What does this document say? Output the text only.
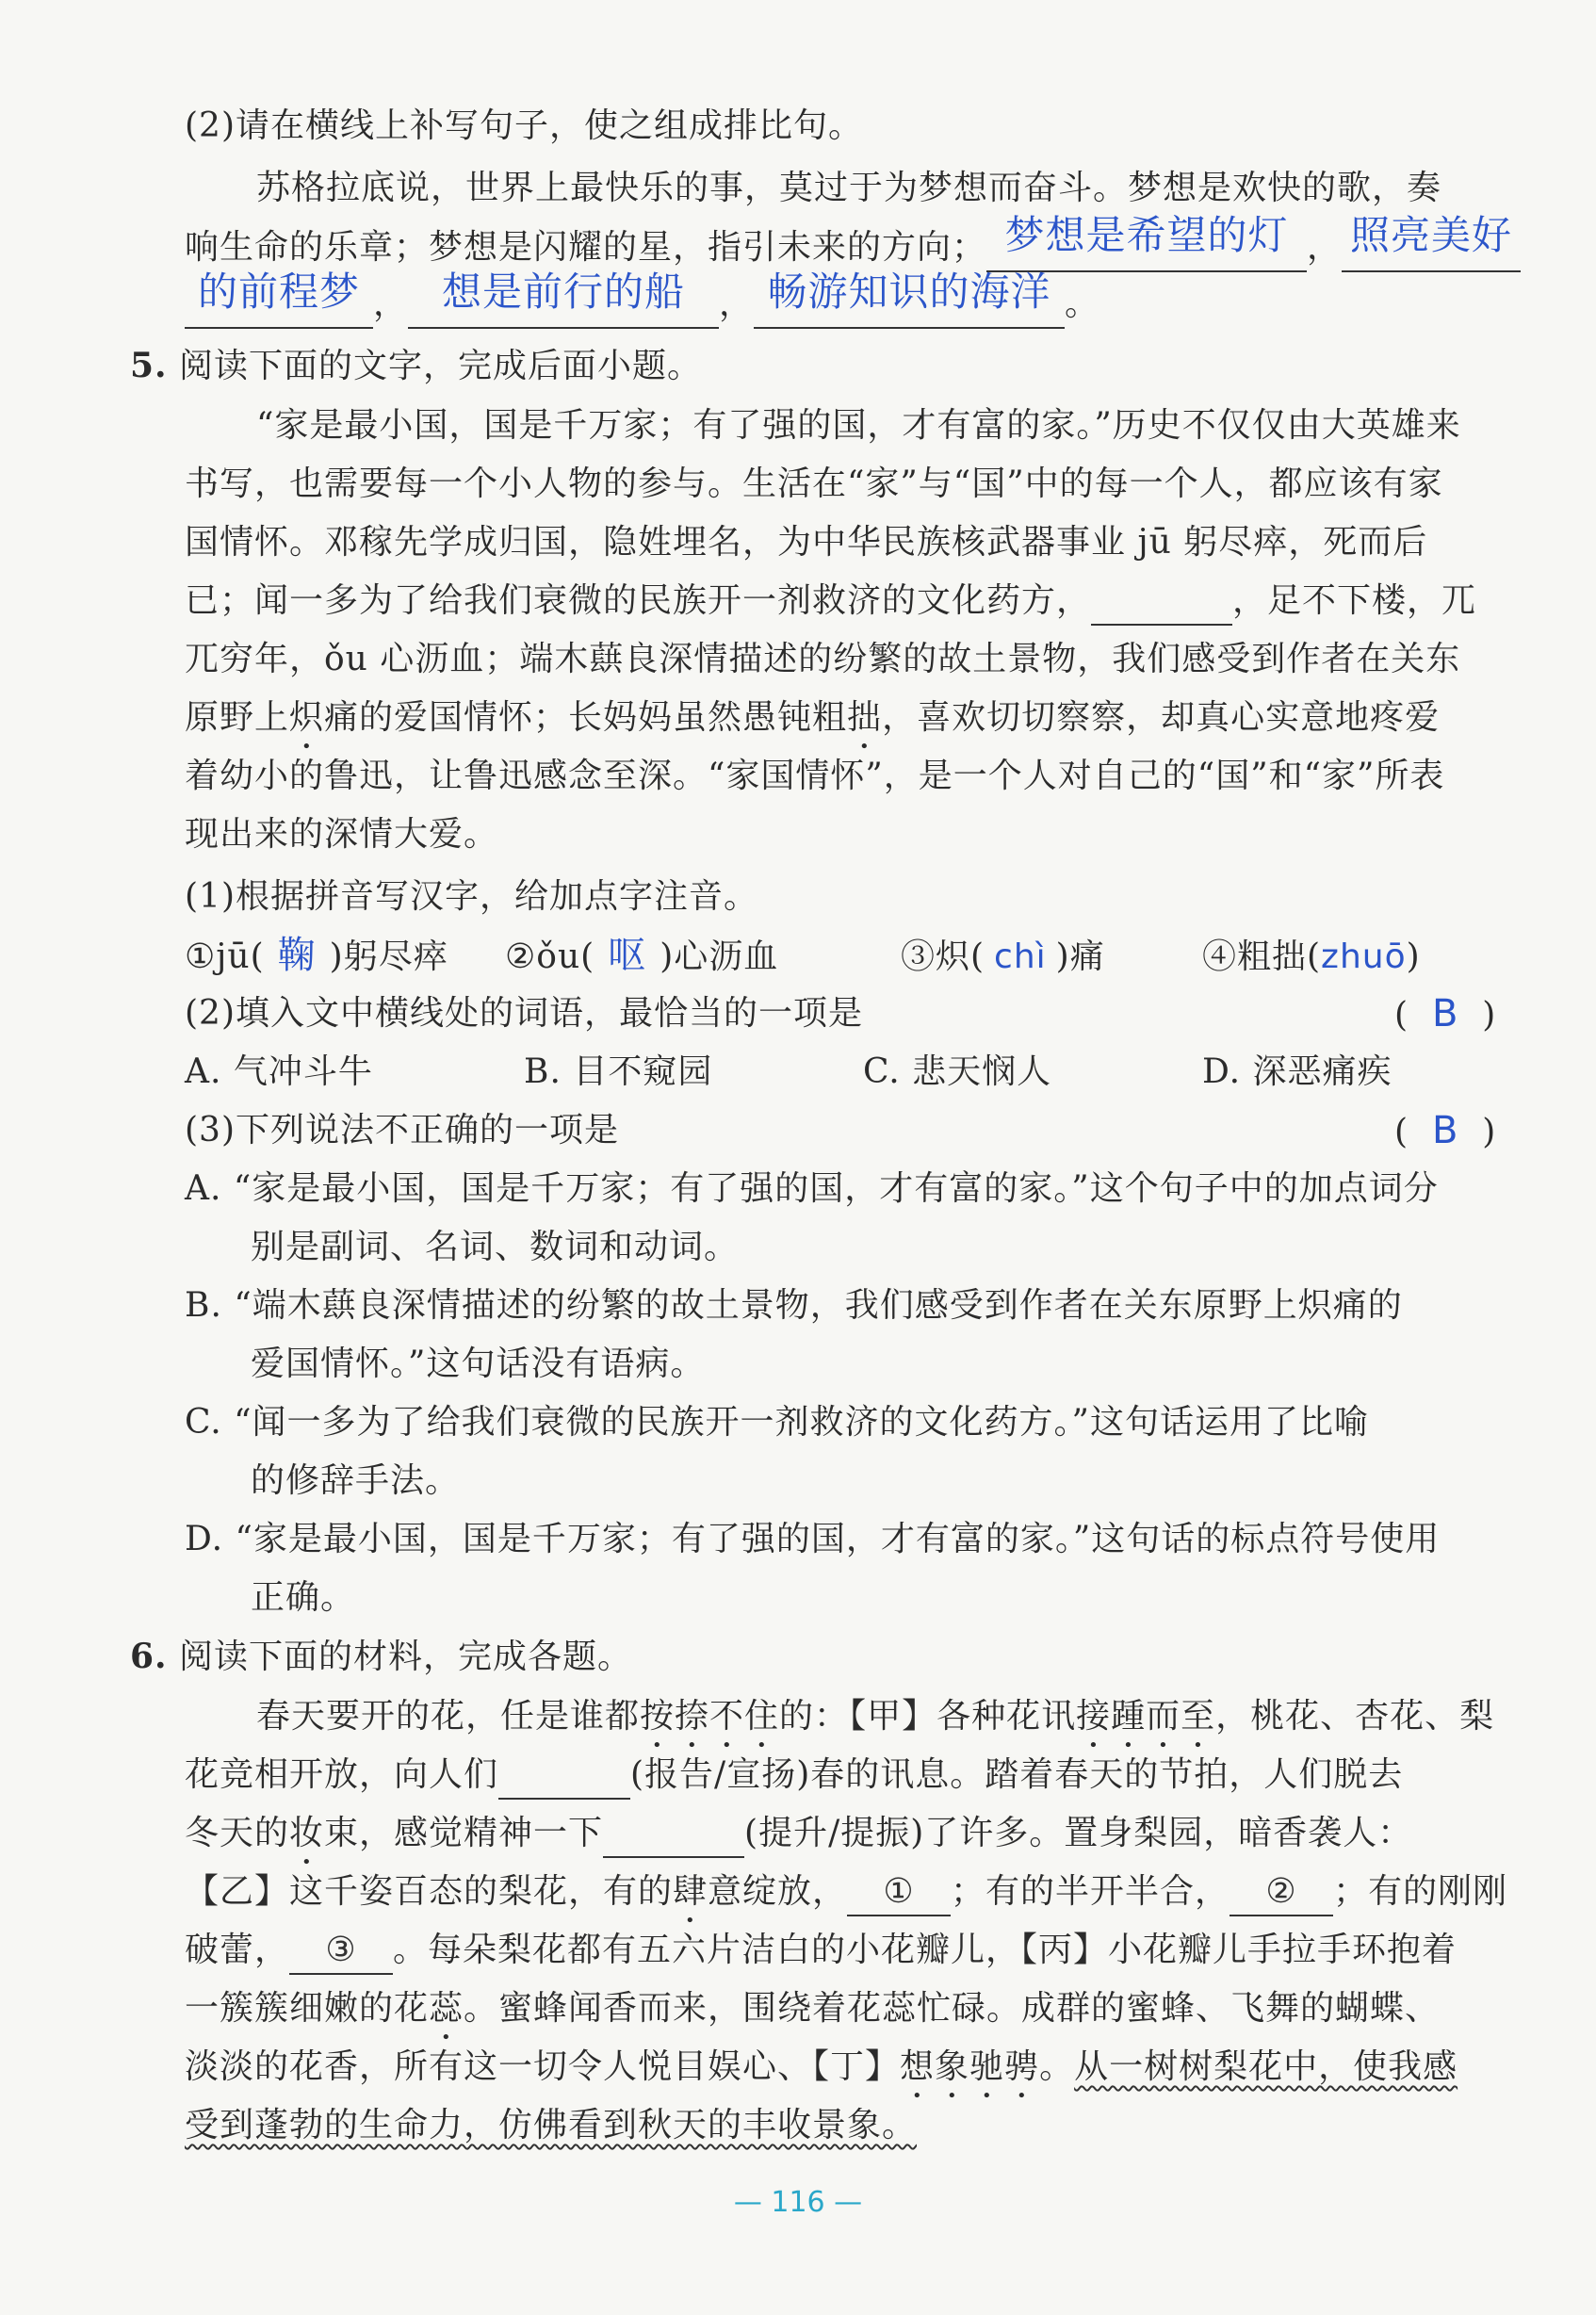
(2)请在横线上补写句子，使之组成排比句。
苏格拉底说，世界上最快乐的事，莫过于为梦想而奋斗。梦想是欢快的歌，奏
响生命的乐章；梦想是闪耀的星，指引未来的方向； 梦想是希望的灯 ， 照亮美好
的前程梦 ， 想是前行的船 ， 畅游知识的海洋 。
5. 阅读下面的文字，完成后面小题。
“家是最小国，国是千万家；有了强的国，才有富的家。”历史不仅仅由大英雄来
书写，也需要每一个小人物的参与。生活在“家”与“国”中的每一个人，都应该有家
国情怀。邓稼先学成归国，隐姓埋名，为中华民族核武器事业 jū 躬尽瘁，死而后
已；闻一多为了给我们衰微的民族开一剂救济的文化药方，	，足不下楼，兀
兀穷年，ǒu 心沥血；端木蕻良深情描述的纷繁的故土景物，我们感受到作者在关东
原野上炽痛的爱国情怀；长妈妈虽然愚钝粗拙，喜欢切切察察，却真心实意地疼爱
着幼小的鲁迅，让鲁迅感念至深。“家国情怀”，是一个人对自己的“国”和“家”所表
现出来的深情大爱。
(1)根据拼音写汉字，给加点字注音。
①jū( 鞠 )躬尽瘁 ②ǒu( 呕 )心沥血	③炽( chì )痛	④粗拙(zhuō)
(2)填入文中横线处的词语，最恰当的一项是	(  B  )
A. 气冲斗牛	B. 目不窥园	C. 悲天悯人	D. 深恶痛疾
(3)下列说法不正确的一项是	(  B  )
A. “家是最小国，国是千万家；有了强的国，才有富的家。”这个句子中的加点词分
别是副词、名词、数词和动词。
B. “端木蕻良深情描述的纷繁的故土景物，我们感受到作者在关东原野上炽痛的
爱国情怀。”这句话没有语病。
C. “闻一多为了给我们衰微的民族开一剂救济的文化药方。”这句话运用了比喻
的修辞手法。
D. “家是最小国，国是千万家；有了强的国，才有富的家。”这句话的标点符号使用
正确。
6. 阅读下面的材料，完成各题。
春天要开的花，任是谁都按捺不住的：【甲】各种花讯接踵而至，桃花、杏花、梨
花竞相开放，向人们	(报告/宣扬)春的讯息。踏着春天的节拍，人们脱去
冬天的妆束，感觉精神一下	(提升/提振)了许多。置身梨园，暗香袭人：
【乙】这千姿百态的梨花，有的肆意绽放， ① ；有的半开半合， ② ；有的刚刚
破蕾， ③ 。每朵梨花都有五六片洁白的小花瓣儿，【丙】小花瓣儿手拉手环抱着
一簇簇细嫩的花蕊。蜜蜂闻香而来，围绕着花蕊忙碌。成群的蜜蜂、飞舞的蝴蝶、
淡淡的花香，所有这一切令人悦目娱心、【丁】想象驰骋。从一树树梨花中，使我感
受到蓬勃的生命力，仿佛看到秋天的丰收景象。
— 116 —
